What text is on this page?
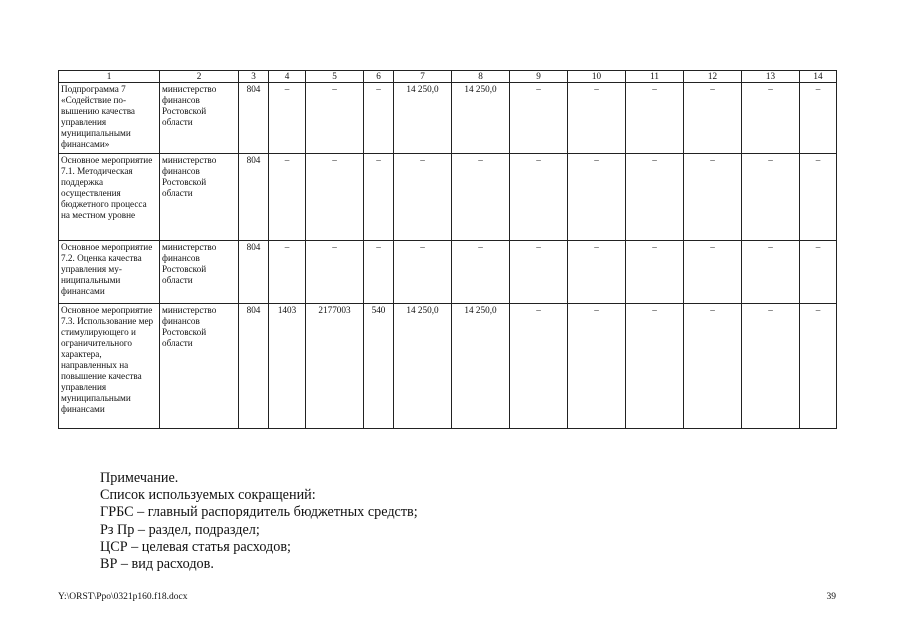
1	2	3	4	5	6	7	8	9	10	11	12	13	14
Подпрограмма 7 «Содействие по-вышению качества управления муниципальными финансами»	министерство финансов Ростовской области	804	–	–	–	14 250,0	14 250,0	–	–	–	–	–	–
Основное мероприятие 7.1. Методическая поддержка осуществления бюджетного процесса на местном уровне	министерство финансов Ростовской области	804	–	–	–	–	–	–	–	–	–	–	–
Основное мероприятие 7.2. Оценка качества управления му-ниципальными финансами	министерство финансов Ростовской области	804	–	–	–	–	–	–	–	–	–	–	–
Основное мероприятие 7.3. Использование мер стимулирующего и ограничительного характера, направленных на повышение качества управления муниципальными финансами	министерство финансов Ростовской области	804	1403	2177003	540	14 250,0	14 250,0	–	–	–	–	–	–
Примечание.
Список используемых сокращений:
ГРБС – главный распорядитель бюджетных средств;
Рз Пр – раздел, подраздел;
ЦСР – целевая статья расходов;
ВР – вид расходов.
Y:\ORST\Ppo\0321p160.f18.docx	39
